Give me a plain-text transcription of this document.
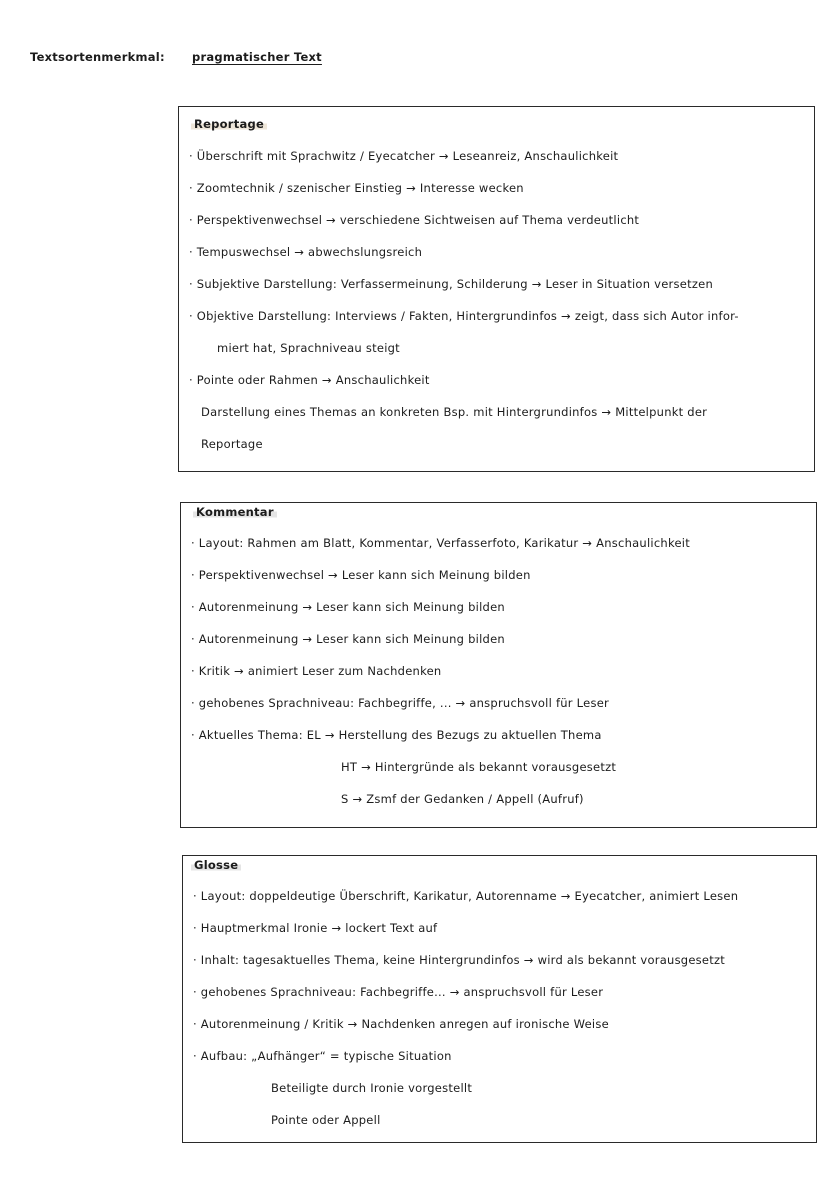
Textsortenmerkmal: pragmatischer Text
Reportage
· Überschrift mit Sprachwitz / Eyecatcher → Leseanreiz, Anschaulichkeit
· Zoomtechnik / szenischer Einstieg → Interesse wecken
· Perspektivenwechsel → verschiedene Sichtweisen auf Thema verdeutlicht
· Tempuswechsel → abwechslungsreich
· Subjektive Darstellung: Verfassermeinung, Schilderung → Leser in Situation versetzen
· Objektive Darstellung: Interviews / Fakten, Hintergrundinfos → zeigt, dass sich Autor infor-
miert hat, Sprachniveau steigt
· Pointe oder Rahmen → Anschaulichkeit
Darstellung eines Themas an konkreten Bsp. mit Hintergrundinfos → Mittelpunkt der
Reportage
Kommentar
· Layout: Rahmen am Blatt, Kommentar, Verfasserfoto, Karikatur → Anschaulichkeit
· Perspektivenwechsel → Leser kann sich Meinung bilden
· Autorenmeinung → Leser kann sich Meinung bilden
· Autorenmeinung → Leser kann sich Meinung bilden
· Kritik → animiert Leser zum Nachdenken
· gehobenes Sprachniveau: Fachbegriffe, ... → anspruchsvoll für Leser
· Aktuelles Thema: EL → Herstellung des Bezugs zu aktuellen Thema
HT → Hintergründe als bekannt vorausgesetzt
S → Zsmf der Gedanken / Appell (Aufruf)
Glosse
· Layout: doppeldeutige Überschrift, Karikatur, Autorenname → Eyecatcher, animiert Lesen
· Hauptmerkmal Ironie → lockert Text auf
· Inhalt: tagesaktuelles Thema, keine Hintergrundinfos → wird als bekannt vorausgesetzt
· gehobenes Sprachniveau: Fachbegriffe... → anspruchsvoll für Leser
· Autorenmeinung / Kritik → Nachdenken anregen auf ironische Weise
· Aufbau: „Aufhänger“ = typische Situation
Beteiligte durch Ironie vorgestellt
Pointe oder Appell
